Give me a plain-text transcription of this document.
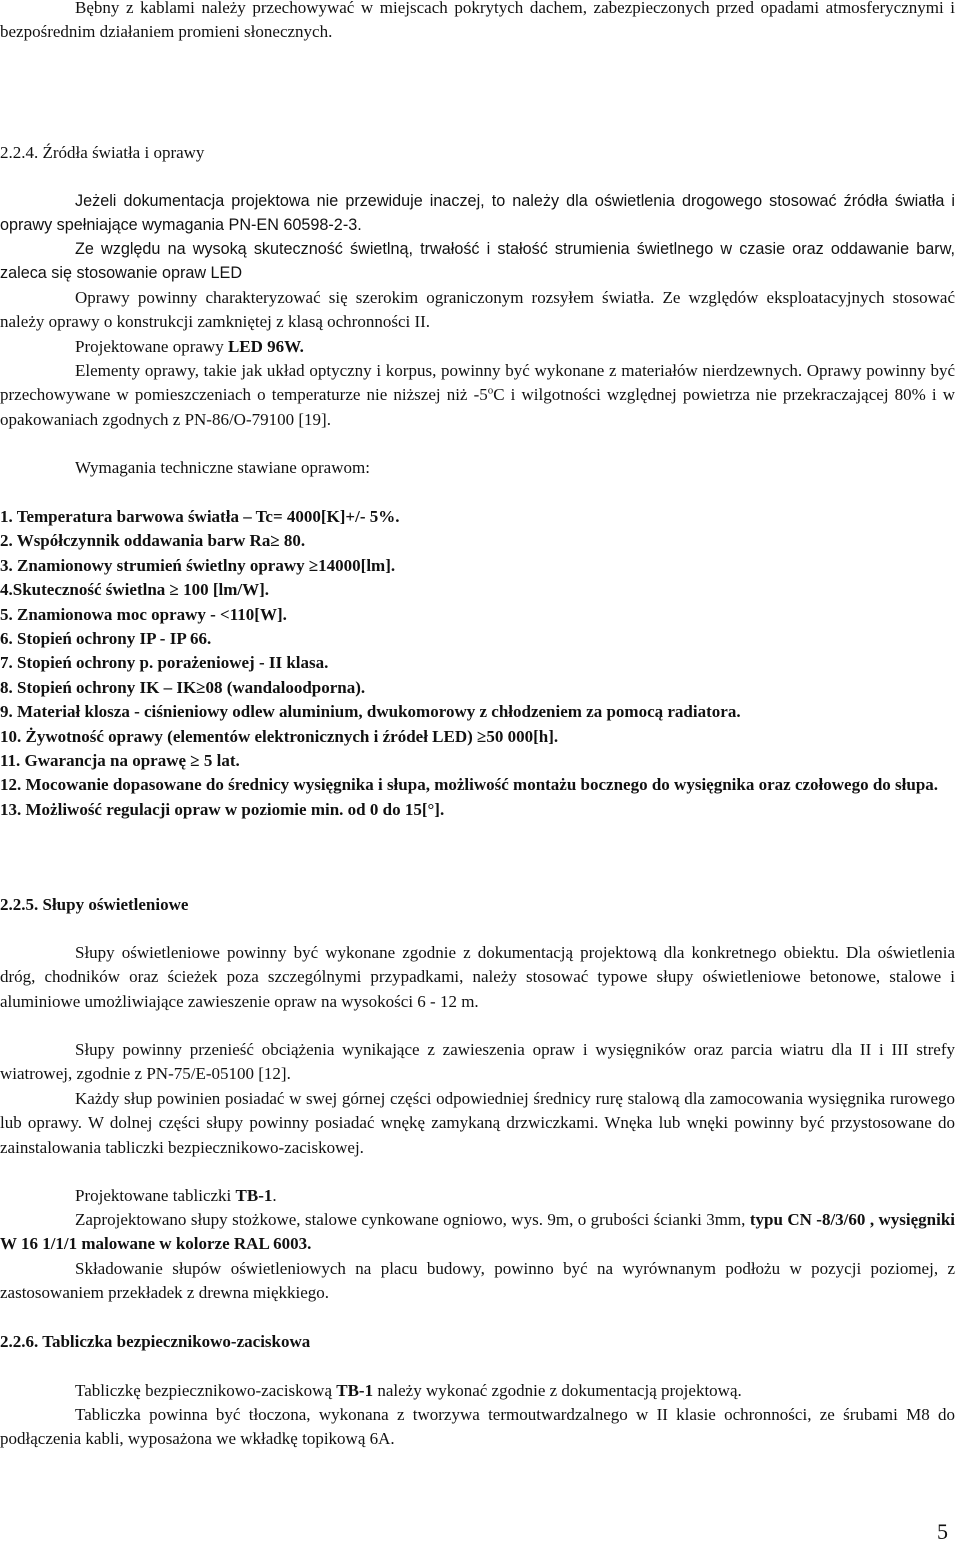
Bębny z kablami należy przechowywać w miejscach pokrytych dachem, zabezpieczonych przed opadami atmosferycznymi i bezpośrednim działaniem promieni słonecznych.

2.2.4. Źródła światła i oprawy

Jeżeli dokumentacja projektowa nie przewiduje inaczej, to należy dla oświetlenia drogowego stosować źródła światła i oprawy spełniające wymagania PN-EN 60598-2-3.

Ze względu na wysoką skuteczność świetlną, trwałość i stałość strumienia świetlnego w czasie oraz oddawanie barw, zaleca się stosowanie opraw LED

Oprawy powinny charakteryzować się szerokim ograniczonym rozsyłem światła. Ze względów eksploatacyjnych stosować należy oprawy o konstrukcji zamkniętej z klasą ochronności II.

Projektowane oprawy LED 96W.

Elementy oprawy, takie jak układ optyczny i korpus, powinny być wykonane z materiałów nierdzewnych. Oprawy powinny być przechowywane w pomieszczeniach o temperaturze nie niższej niż -5$^o$C i wilgotności względnej powietrza nie przekraczającej 80% i w opakowaniach zgodnych z PN-86/O-79100 [19].

Wymagania techniczne stawiane oprawom:

1. Temperatura barwowa światła – Tc= 4000[K]+/- 5%.

2. Współczynnik oddawania barw Ra≥ 80.

3. Znamionowy strumień świetlny oprawy ≥14000[lm].

4.Skuteczność świetlna ≥ 100 [lm/W].

5. Znamionowa moc oprawy - <110[W].

6. Stopień ochrony IP - IP 66.

7. Stopień ochrony p. porażeniowej - II klasa.

8. Stopień ochrony IK – IK≥08 (wandaloodporna).

9. Materiał klosza - ciśnieniowy odlew aluminium, dwukomorowy z chłodzeniem za pomocą radiatora.

10. Żywotność oprawy (elementów elektronicznych i źródeł LED) ≥50 000[h].

11. Gwarancja na oprawę ≥ 5 lat.

12. Mocowanie dopasowane do średnicy wysięgnika i słupa, możliwość montażu bocznego do wysięgnika oraz czołowego do słupa.

13. Możliwość regulacji opraw w poziomie min. od 0 do 15[°].

2.2.5. Słupy oświetleniowe

Słupy oświetleniowe powinny być wykonane zgodnie z dokumentacją projektową dla konkretnego obiektu. Dla oświetlenia dróg, chodników oraz ścieżek poza szczególnymi przypadkami, należy stosować typowe słupy oświetleniowe betonowe, stalowe i aluminiowe umożliwiające zawieszenie opraw na wysokości 6 - 12 m.

Słupy powinny przenieść obciążenia wynikające z zawieszenia opraw i wysięgników oraz parcia wiatru dla II i III strefy wiatrowej, zgodnie z PN-75/E-05100 [12].

Każdy słup powinien posiadać w swej górnej części odpowiedniej średnicy rurę stalową dla zamocowania wysięgnika rurowego lub oprawy. W dolnej części słupy powinny posiadać wnękę zamykaną drzwiczkami. Wnęka lub wnęki powinny być przystosowane do zainstalowania tabliczki bezpiecznikowo-zaciskowej.

Projektowane tabliczki TB-1.

Zaprojektowano słupy stożkowe, stalowe cynkowane ogniowo, wys. 9m, o grubości ścianki 3mm, typu CN -8/3/60 , wysięgniki W 16 1/1/1 malowane w kolorze RAL 6003.

Składowanie słupów oświetleniowych na placu budowy, powinno być na wyrównanym podłożu w pozycji poziomej, z zastosowaniem przekładek z drewna miękkiego.

2.2.6. Tabliczka bezpiecznikowo-zaciskowa

Tabliczkę bezpiecznikowo-zaciskową TB-1 należy wykonać zgodnie z dokumentacją projektową.

Tabliczka powinna być tłoczona, wykonana z tworzywa termoutwardzalnego w II klasie ochronności, ze śrubami M8 do podłączenia kabli, wyposażona we wkładkę topikową 6A.

5
